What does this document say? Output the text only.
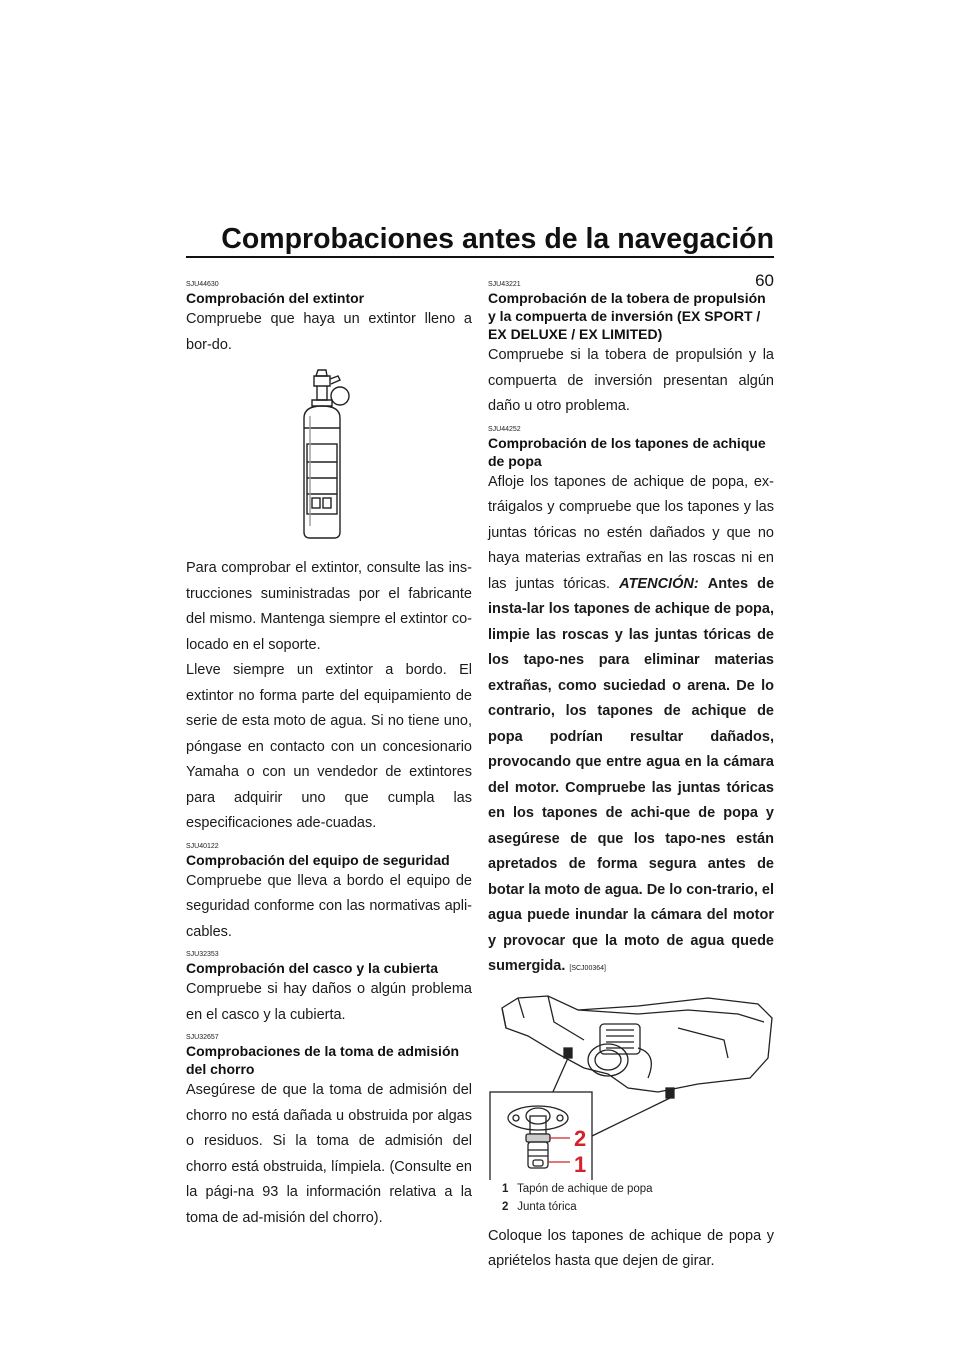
Comprobaciones antes de la navegación
60
SJU44630
Comprobación del extintor

Compruebe que haya un extintor lleno a bor-do.

Para comprobar el extintor, consulte las ins-trucciones suministradas por el fabricante del mismo. Mantenga siempre el extintor co-locado en el soporte.

Lleve siempre un extintor a bordo. El extintor no forma parte del equipamiento de serie de esta moto de agua. Si no tiene uno, póngase en contacto con un concesionario Yamaha o con un vendedor de extintores para adquirir uno que cumpla las especificaciones ade-cuadas.

SJU40122
Comprobación del equipo de seguridad

Compruebe que lleva a bordo el equipo de seguridad conforme con las normativas apli-cables.

SJU32353
Comprobación del casco y la cubierta

Compruebe si hay daños o algún problema en el casco y la cubierta.

SJU32657
Comprobaciones de la toma de admisión del chorro

Asegúrese de que la toma de admisión del chorro no está dañada u obstruida por algas o residuos. Si la toma de admisión del chorro está obstruida, límpiela. (Consulte en la pági-na 93 la información relativa a la toma de ad-misión del chorro).

SJU43221
Comprobación de la tobera de propulsión y la compuerta de inversión (EX SPORT / EX DELUXE / EX LIMITED)

Compruebe si la tobera de propulsión y la compuerta de inversión presentan algún daño u otro problema.

SJU44252
Comprobación de los tapones de achique de popa

Afloje los tapones de achique de popa, ex-tráigalos y compruebe que los tapones y las juntas tóricas no estén dañados y que no haya materias extrañas en las roscas ni en las juntas tóricas. ATENCIÓN: Antes de insta-lar los tapones de achique de popa, limpie las roscas y las juntas tóricas de los tapo-nes para eliminar materias extrañas, como suciedad o arena. De lo contrario, los tapones de achique de popa podrían resultar dañados, provocando que entre agua en la cámara del motor. Compruebe las juntas tóricas en los tapones de achi-que de popa y asegúrese de que los tapo-nes están apretados de forma segura antes de botar la moto de agua. De lo con-trario, el agua puede inundar la cámara del motor y provocar que la moto de agua quede sumergida. [SCJ00364]

2
1
1 Tapón de achique de popa
2 Junta tórica

Coloque los tapones de achique de popa y apriételos hasta que dejen de girar.
